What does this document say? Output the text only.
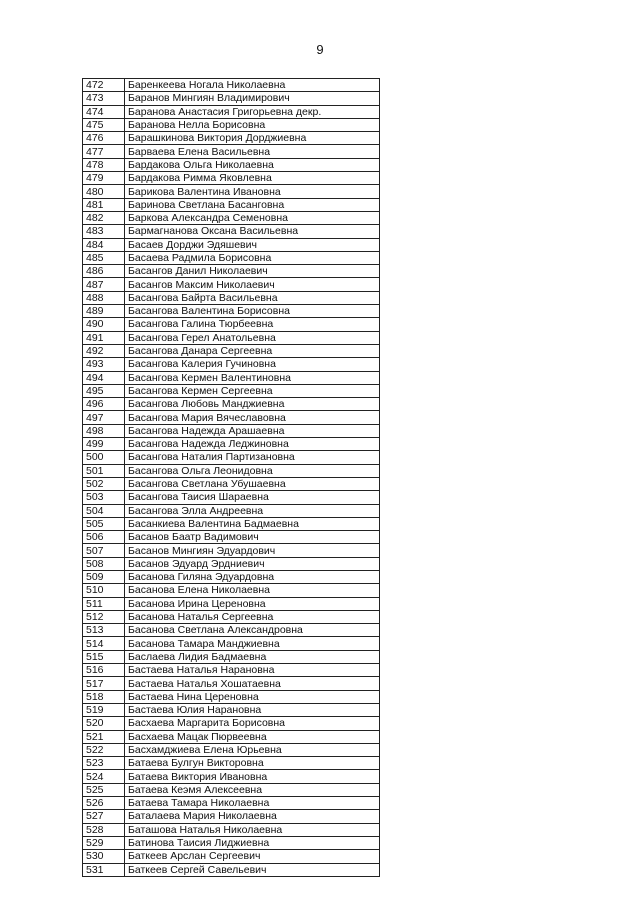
9
472	Баренкеева Ногала Николаевна
473	Баранов Мингиян Владимирович
474	Баранова Анастасия Григорьевна декр.
475	Баранова Нелла Борисовна
476	Барашкинова Виктория Дорджиевна
477	Барваева Елена Васильевна
478	Бардакова Ольга Николаевна
479	Бардакова Римма Яковлевна
480	Барикова Валентина Ивановна
481	Баринова Светлана Басанговна
482	Баркова Александра Семеновна
483	Бармагнанова Оксана Васильевна
484	Басаев Дорджи Эдяшевич
485	Басаева Радмила Борисовна
486	Басангов Данил Николаевич
487	Басангов Максим Николаевич
488	Басангова Байрта Васильевна
489	Басангова Валентина Борисовна
490	Басангова Галина Тюрбеевна
491	Басангова Герел Анатольевна
492	Басангова Данара Сергеевна
493	Басангова Калерия Гучиновна
494	Басангова Кермен Валентиновна
495	Басангова Кермен Сергеевна
496	Басангова Любовь Манджиевна
497	Басангова Мария Вячеславовна
498	Басангова Надежда Арашаевна
499	Басангова Надежда Леджиновна
500	Басангова Наталия Партизановна
501	Басангова Ольга Леонидовна
502	Басангова Светлана Убушаевна
503	Басангова Таисия Шараевна
504	Басангова Элла Андреевна
505	Басанкиева Валентина Бадмаевна
506	Басанов Баатр Вадимович
507	Басанов Мингиян Эдуардович
508	Басанов Эдуард Эрдниевич
509	Басанова Гиляна Эдуардовна
510	Басанова Елена Николаевна
511	Басанова Ирина Цереновна
512	Басанова Наталья Сергеевна
513	Басанова Светлана Александровна
514	Басанова Тамара Манджиевна
515	Баслаева Лидия Бадмаевна
516	Бастаева Наталья Нарановна
517	Бастаева Наталья Хошатаевна
518	Бастаева Нина Цереновна
519	Бастаева Юлия Нарановна
520	Басхаева Маргарита Борисовна
521	Басхаева Мацак Пюрвеевна
522	Басхамджиева Елена Юрьевна
523	Батаева Булгун Викторовна
524	Батаева Виктория Ивановна
525	Батаева Кеэмя Алексеевна
526	Батаева Тамара Николаевна
527	Баталаева Мария Николаевна
528	Баташова Наталья Николаевна
529	Батинова Таисия Лиджиевна
530	Баткеев Арслан Сергеевич
531	Баткеев Сергей Савельевич
